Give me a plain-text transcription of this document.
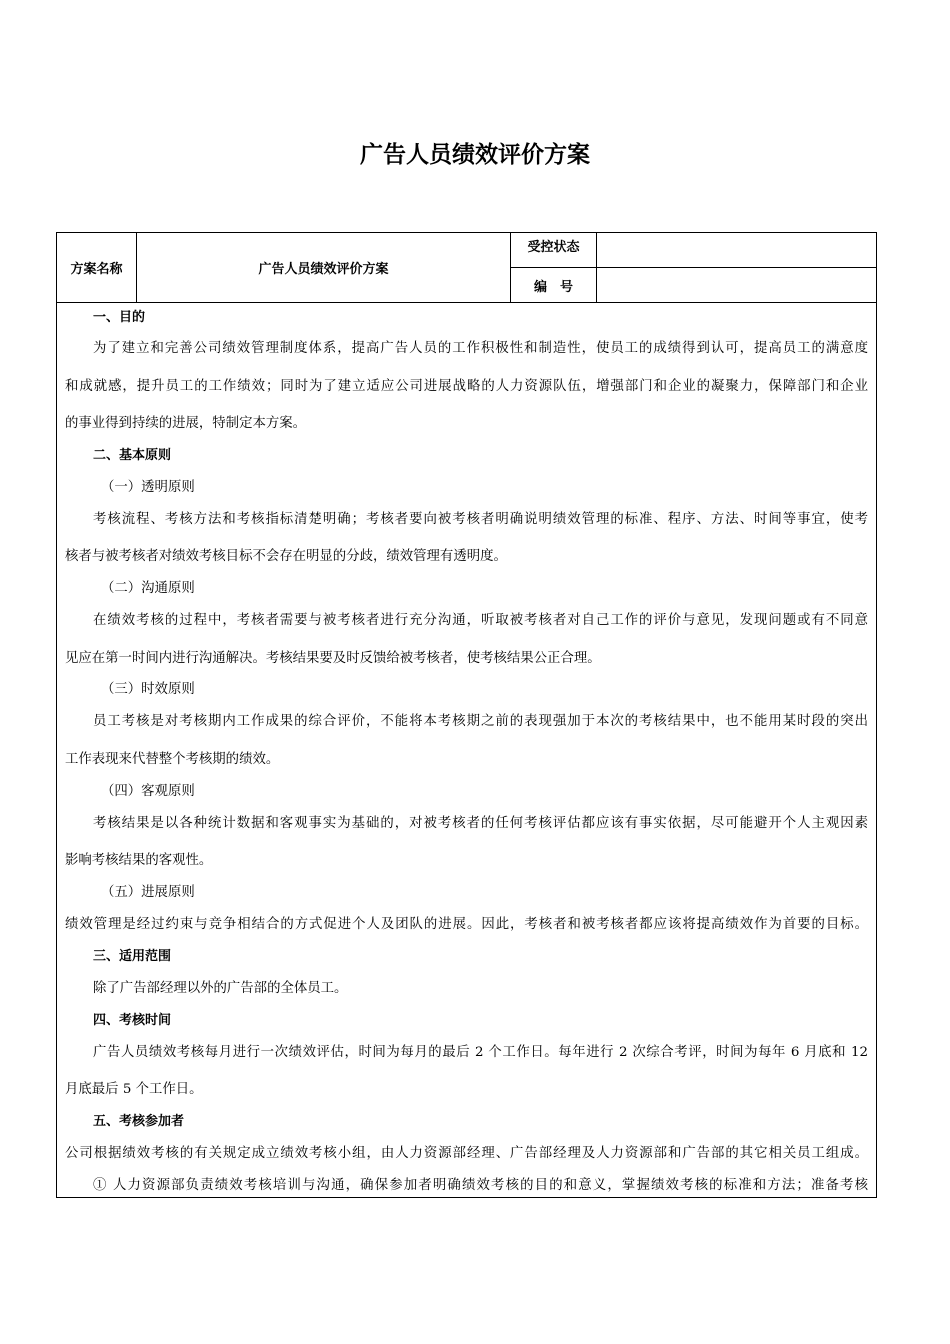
广告人员绩效评价方案
方案名称	广告人员绩效评价方案
受控状态
编　号
一、目的
为了建立和完善公司绩效管理制度体系，提高广告人员的工作积极性和制造性，使员工的成绩得到认可，提高员工的满意度
和成就感，提升员工的工作绩效；同时为了建立适应公司进展战略的人力资源队伍，增强部门和企业的凝聚力，保障部门和企业
的事业得到持续的进展，特制定本方案。
二、基本原则
（一）透明原则
考核流程、考核方法和考核指标清楚明确；考核者要向被考核者明确说明绩效管理的标准、程序、方法、时间等事宜，使考
核者与被考核者对绩效考核目标不会存在明显的分歧，绩效管理有透明度。
（二）沟通原则
在绩效考核的过程中，考核者需要与被考核者进行充分沟通，听取被考核者对自己工作的评价与意见，发现问题或有不同意
见应在第一时间内进行沟通解决。考核结果要及时反馈给被考核者，使考核结果公正合理。
（三）时效原则
员工考核是对考核期内工作成果的综合评价，不能将本考核期之前的表现强加于本次的考核结果中，也不能用某时段的突出
工作表现来代替整个考核期的绩效。
（四）客观原则
考核结果是以各种统计数据和客观事实为基础的，对被考核者的任何考核评估都应该有事实依据，尽可能避开个人主观因素
影响考核结果的客观性。
（五）进展原则
绩效管理是经过约束与竞争相结合的方式促进个人及团队的进展。因此，考核者和被考核者都应该将提高绩效作为首要的目标。
三、适用范围
除了广告部经理以外的广告部的全体员工。
四、考核时间
广告人员绩效考核每月进行一次绩效评估，时间为每月的最后 2 个工作日。每年进行 2 次综合考评，时间为每年 6 月底和 12
月底最后 5 个工作日。
五、考核参加者
公司根据绩效考核的有关规定成立绩效考核小组，由人力资源部经理、广告部经理及人力资源部和广告部的其它相关员工组成。
① 人力资源部负责绩效考核培训与沟通，确保参加者明确绩效考核的目的和意义，掌握绩效考核的标准和方法；准备考核
